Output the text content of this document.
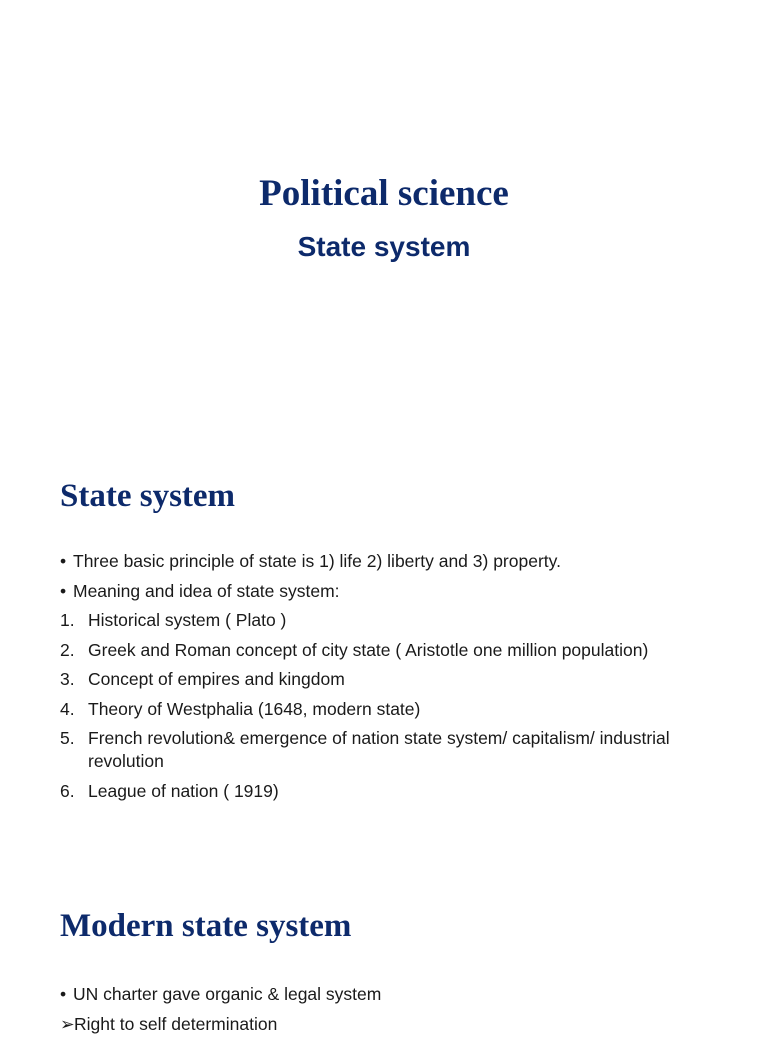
Political science
State system
State system
• Three basic principle of state is 1) life 2) liberty and 3) property.
• Meaning and idea of state system:
1. Historical system ( Plato )
2. Greek and Roman concept of city state ( Aristotle one million population)
3. Concept of empires and kingdom
4. Theory of Westphalia (1648, modern state)
5. French revolution& emergence of nation state system/ capitalism/ industrial revolution
6. League of nation ( 1919)
Modern state system
• UN charter gave organic & legal system
➢ Right to self determination
